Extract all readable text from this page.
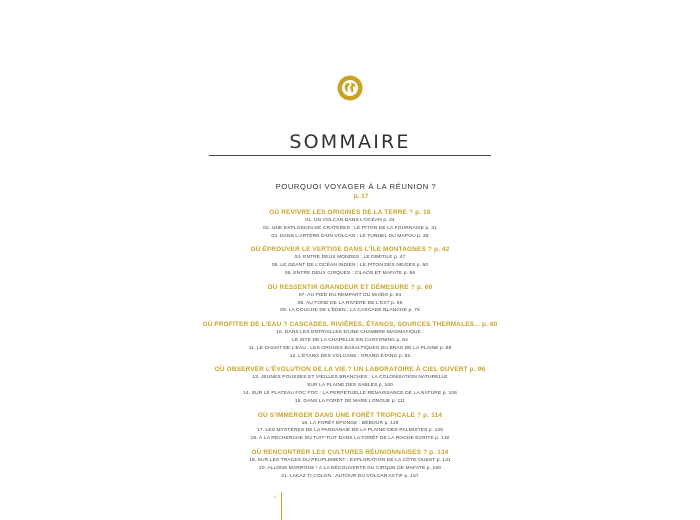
SOMMAIRE
POURQUOI VOYAGER À LA RÉUNION ?
p. 17
OÙ REVIVRE LES ORIGINES DE LA TERRE ? p. 18
01. UN VOLCAN DANS L'OCÉAN p. 24
02. UNE EXPLOSION DE CRATÈRES : LE PITON DE LA FOURNAISE p. 31
03. DANS L'ARTÈRE D'UN VOLCAN : LE TUNNEL DU MAPOU p. 38
OÙ ÉPROUVER LE VERTIGE DANS L'ÎLE MONTAGNES ? p. 42
04. ENTRE DEUX MONDES : LE DIMITILE p. 47
05. LE GÉANT DE L'OCÉAN INDIEN : LE PITON DES NEIGES p. 50
06. ENTRE DEUX CIRQUES : CILAOS ET MAFATE p. 56
OÙ RESSENTIR GRANDEUR ET DÉMESURE ? p. 60
07. AU PIED DU REMPART DU MAÏDO p. 64
08. AU FOND DE LA RIVIÈRE DE L'EST p. 69
09. LA DOUCHE DE L'ÉDEN : LA CASCADE BLANCHE p. 75
OÙ PROFITER DE L'EAU ? CASCADES, RIVIÈRES, ÉTANGS, SOURCES THERMALES... p. 80
10. DANS LES ENTRAILLES D'UNE CHAMBRE MAGMATIQUE :
LE SITE DE LA CHAPELLE EN CANYONING p. 84
11. LE CHANT DE L'EAU : LES ORGUES BASALTIQUES DU BRAS DE LA PLAINE p. 88
12. L'ÉTANG DES VOLCANS : GRAND ÉTANG p. 92
OÙ OBSERVER L'ÉVOLUTION DE LA VIE ? UN LABORATOIRE À CIEL OUVERT p. 96
13. JEUNES POUSSES ET VIEILLES BRANCHES : LA COLONISATION NATURELLE
SUR LA PLAINE DES SABLES p. 100
14. SUR LE PLATEAU FOC FOC : LA PERPÉTUELLE RENAISSANCE DE LA NATURE p. 106
15. DANS LA FORÊT DE MARE LONGUE p. 111
OÙ S'IMMERGER DANS UNE FORÊT TROPICALE ? p. 114
16. LA FORÊT ÉPONGE : BÉBOUR p. 119
17. LES MYSTÈRES DE LA PANDANAIE DE LA PLAINE-DES-PALMISTES p. 126
18. À LA RECHERCHE DU TUIT-TUIT DANS LA FORÊT DE LA ROCHE ÉCRITE p. 130
OÙ RENCONTRER LES CULTURES RÉUNIONNAISES ? p. 134
19. SUR LES TRACES DU PEUPLEMENT : EXPLORATION DE LA CÔTE OUEST p. 141
20. ALLONS MARRONS ! À LA DÉCOUVERTE DU CIRQUE DE MAFATE p. 150
21. LAKAZ TI COLON : AUTOUR DU VOLCAN ACTIF p. 157
4
